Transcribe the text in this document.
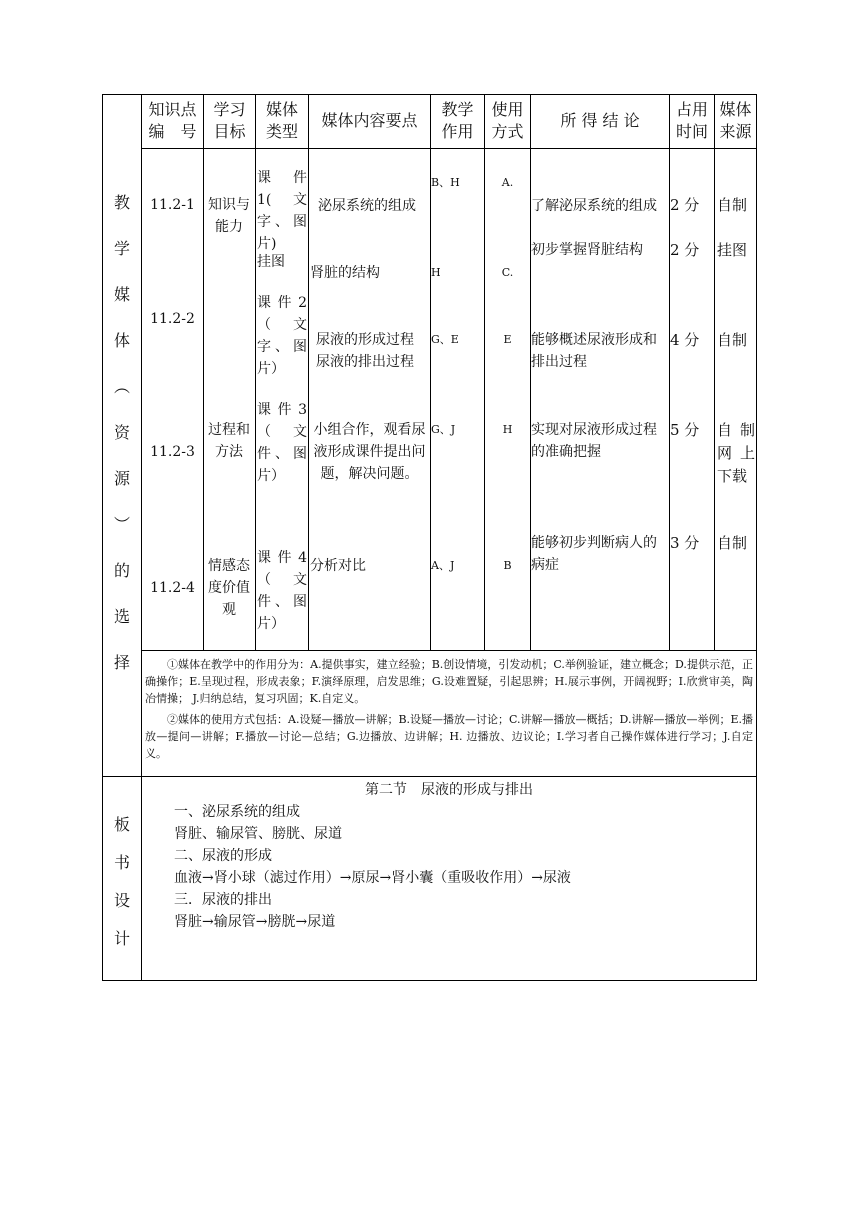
教
学
媒
体
︵
资
源
︶
的
选
择
知识点
编　号
学习
目标
媒体
类型
媒体内容要点
教学
作用
使用
方式
所 得 结 论
占用
时间
媒体
来源
11.2-1
11.2-2
11.2-3
11.2-4
知识与能力
过程和方法
情感态度价值观
课　件 1(文字、图片)
挂图
课件2（文字、图片）
课件3（文件、图片）
课件4（文件、图片）
泌尿系统的组成
肾脏的结构
尿液的形成过程尿液的排出过程
小组合作，观看尿液形成课件提出问题，解决问题。
分析对比
B、H
H
G、E
G、J
A、J
A.
C.
E
H
B
了解泌尿系统的组成
初步掌握肾脏结构
能够概述尿液形成和排出过程
实现对尿液形成过程的准确把握
能够初步判断病人的病症
2 分
2 分
4 分
5 分
3 分
自制
挂图
自制
自制网上下载
自制

①媒体在教学中的作用分为：A.提供事实，建立经验；B.创设情境，引发动机；C.举例验证，建立概念；D.提供示范，正确操作；E.呈现过程，形成表象；F.演绎原理，启发思维；G.设难置疑，引起思辨；H.展示事例，开阔视野；I.欣赏审美，陶冶情操； J.归纳总结，复习巩固；K.自定义。

②媒体的使用方式包括：A.设疑—播放—讲解；B.设疑—播放—讨论；C.讲解—播放—概括；D.讲解—播放—举例；E.播放—提问—讲解；F.播放—讨论—总结；G.边播放、边讲解；H. 边播放、边议论；I.学习者自己操作媒体进行学习；J.自定义。

板
书
设
计
第二节　尿液的形成与排出
一、泌尿系统的组成
肾脏、输尿管、膀胱、尿道
二、尿液的形成
血液→肾小球（滤过作用）→原尿→肾小囊（重吸收作用）→尿液
三．尿液的排出
肾脏→输尿管→膀胱→尿道
